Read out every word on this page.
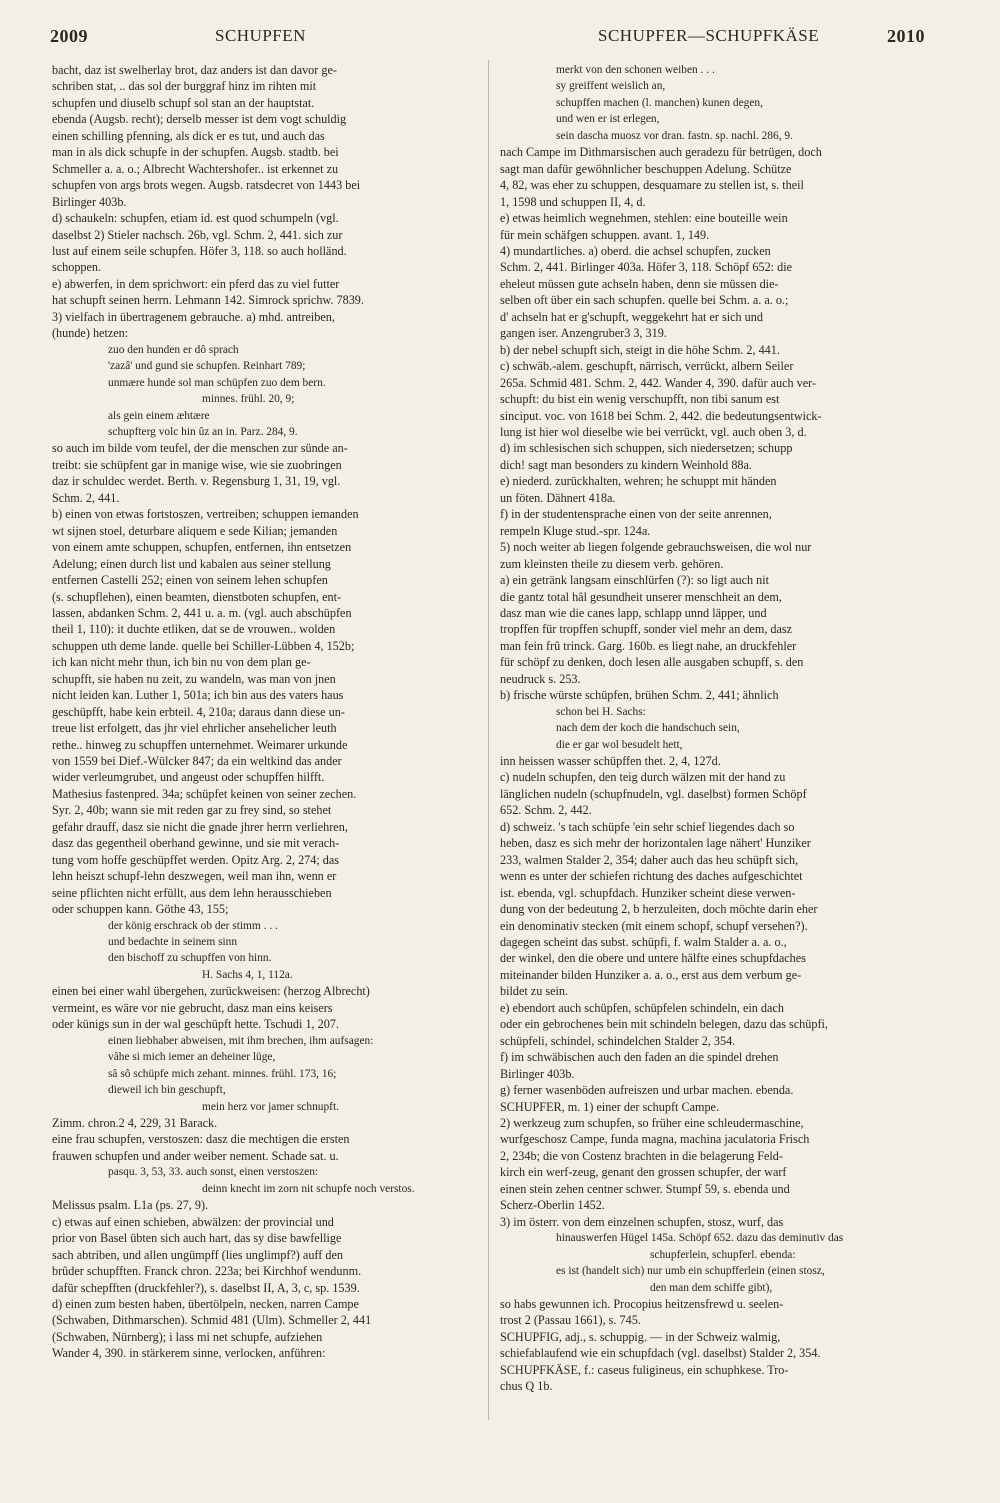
2009	SCHUPFEN	SCHUPFER—SCHUPFKÄSE	2010
bacht, daz ist swelherlay brot, daz anders ist dan davor ge-
schriben stat, .. das sol der burggraf hinz im rihten mit
schupfen und diuselb schupf sol stan an der hauptstat.
ebenda (Augsb. recht); derselb messer ist dem vogt schuldig
einen schilling pfenning, als dick er es tut, und auch das
man in als dick schupfe in der schupfen. Augsb. stadtb. bei
Schmeller a. a. o.; Albrecht Wachtershofer.. ist erkennet zu
schupfen von args brots wegen. Augsb. ratsdecret von 1443 bei
Birlinger 403b.
d) schaukeln: schupfen, etiam id. est quod schumpeln (vgl.
daselbst 2) Stieler nachsch. 26b, vgl. Schm. 2, 441. sich zur
lust auf einem seile schupfen. Höfer 3, 118. so auch holländ.
schoppen.
e) abwerfen, in dem sprichwort: ein pferd das zu viel futter
hat schupft seinen herrn. Lehmann 142. Simrock sprichw. 7839.
3) vielfach in übertragenem gebrauche. a) mhd. antreiben,
(hunde) hetzen:
zuo den hunden er dô sprach
'zazâ' und gund sie schupfen. Reinhart 789;
unmære hunde sol man schüpfen zuo dem bern.
minnes. frühl. 20, 9;
als gein einem æhtære
schupfterg volc hin ûz an in. Parz. 284, 9.
so auch im bilde vom teufel, der die menschen zur sünde an-
treibt: sie schüpfent gar in manige wise, wie sie zuobringen
daz ir schuldec werdet. Berth. v. Regensburg 1, 31, 19, vgl.
Schm. 2, 441.
b) einen von etwas fortstoszen, vertreiben; schuppen iemanden
wt sijnen stoel, deturbare aliquem e sede Kilian; jemanden
von einem amte schuppen, schupfen, entfernen, ihn entsetzen
Adelung; einen durch list und kabalen aus seiner stellung
entfernen Castelli 252; einen von seinem lehen schupfen
(s. schupflehen), einen beamten, dienstboten schupfen, ent-
lassen, abdanken Schm. 2, 441 u. a. m. (vgl. auch abschüpfen
theil 1, 110): it duchte etliken, dat se de vrouwen.. wolden
schuppen uth deme lande. quelle bei Schiller-Lübben 4, 152b;
ich kan nicht mehr thun, ich bin nu von dem plan ge-
schupfft, sie haben nu zeit, zu wandeln, was man von jnen
nicht leiden kan. Luther 1, 501a; ich bin aus des vaters haus
geschüpfft, habe kein erbteil. 4, 210a; daraus dann diese un-
treue list erfolgett, das jhr viel ehrlicher ansehelicher leuth
rethe.. hinweg zu schupffen unternehmet. Weimarer urkunde
von 1559 bei Dief.-Wülcker 847; da ein weltkind das ander
wider verleumgrubet, und angeust oder schupffen hilfft.
Mathesius fastenpred. 34a; schüpfet keinen von seiner zechen.
Syr. 2, 40b; wann sie mit reden gar zu frey sind, so stehet
gefahr drauff, dasz sie nicht die gnade jhrer herrn verliehren,
dasz das gegentheil oberhand gewinne, und sie mit verach-
tung vom hoffe geschüpffet werden. Opitz Arg. 2, 274; das
lehn heiszt schupf-lehn deszwegen, weil man ihn, wenn er
seine pflichten nicht erfüllt, aus dem lehn herausschieben
oder schuppen kann. Göthe 43, 155;
der könig erschrack ob der stimm . . .
und bedachte in seinem sinn
den bischoff zu schupffen von hinn.
H. Sachs 4, 1, 112a.
einen bei einer wahl übergehen, zurückweisen: (herzog Albrecht)
vermeint, es wäre vor nie gebrucht, dasz man eins keisers
oder künigs sun in der wal geschüpft hette. Tschudi 1, 207.
einen liebhaber abweisen, mit ihm brechen, ihm aufsagen:
vâhe si mich iemer an deheiner lüge,
sâ sô schüpfe mich zehant. minnes. frühl. 173, 16;
dieweil ich bin geschupft,
mein herz vor jamer schnupft.
Zimm. chron.2 4, 229, 31 Barack.
eine frau schupfen, verstoszen: dasz die mechtigen die ersten
frauwen schupfen und ander weiber nement. Schade sat. u.
pasqu. 3, 53, 33. auch sonst, einen verstoszen:
deinn knecht im zorn nit schupfe noch verstos.
Melissus psalm. L1a (ps. 27, 9).
c) etwas auf einen schieben, abwälzen: der provincial und
prior von Basel übten sich auch hart, das sy dise bawfellige
sach abtriben, und allen ungümpff (lies unglimpf?) auff den
brûder schupfften. Franck chron. 223a; bei Kirchhof wendunm.
dafür schepfften (druckfehler?), s. daselbst II, A, 3, c, sp. 1539.
d) einen zum besten haben, übertölpeln, necken, narren Campe
(Schwaben, Dithmarschen). Schmid 481 (Ulm). Schmeller 2, 441
(Schwaben, Nürnberg); i lass mi net schupfe, aufziehen
Wander 4, 390. in stärkerem sinne, verlocken, anführen:
merkt von den schonen weiben . . .
sy greiffent weislich an,
schupffen machen (l. manchen) kunen degen,
und wen er ist erlegen,
sein dascha muosz vor dran. fastn. sp. nachl. 286, 9.
nach Campe im Dithmarsischen auch geradezu für betrügen, doch
sagt man dafür gewöhnlicher beschuppen Adelung. Schütze
4, 82, was eher zu schuppen, desquamare zu stellen ist, s. theil
1, 1598 und schuppen II, 4, d.
e) etwas heimlich wegnehmen, stehlen: eine bouteille wein
für mein schäfgen schuppen. avant. 1, 149.
4) mundartliches. a) oberd. die achsel schupfen, zucken
Schm. 2, 441. Birlinger 403a. Höfer 3, 118. Schöpf 652: die
eheleut müssen gute achseln haben, denn sie müssen die-
selben oft über ein sach schupfen. quelle bei Schm. a. a. o.;
d' achseln hat er g'schupft, weggekehrt hat er sich und
gangen iser. Anzengruber3 3, 319.
b) der nebel schupft sich, steigt in die höhe Schm. 2, 441.
c) schwäb.-alem. geschupft, närrisch, verrückt, albern Seiler
265a. Schmid 481. Schm. 2, 442. Wander 4, 390. dafür auch ver-
schupft: du bist ein wenig verschupfft, non tibi sanum est
sinciput. voc. von 1618 bei Schm. 2, 442. die bedeutungsentwick-
lung ist hier wol dieselbe wie bei verrückt, vgl. auch oben 3, d.
d) im schlesischen sich schuppen, sich niedersetzen; schupp
dich! sagt man besonders zu kindern Weinhold 88a.
e) niederd. zurückhalten, wehren; he schuppt mit händen
un föten. Dähnert 418a.
f) in der studentensprache einen von der seite anrennen,
rempeln Kluge stud.-spr. 124a.
5) noch weiter ab liegen folgende gebrauchsweisen, die wol nur
zum kleinsten theile zu diesem verb. gehören.
a) ein getränk langsam einschlürfen (?): so ligt auch nit
die gantz total hâl gesundheit unserer menschheit an dem,
dasz man wie die canes lapp, schlapp unnd läpper, und
tropffen für tropffen schupff, sonder viel mehr an dem, dasz
man fein frû trinck. Garg. 160b. es liegt nahe, an druckfehler
für schöpf zu denken, doch lesen alle ausgaben schupff, s. den
neudruck s. 253.
b) frische würste schüpfen, brühen Schm. 2, 441; ähnlich
schon bei H. Sachs:
nach dem der koch die handschuch sein,
die er gar wol besudelt hett,
inn heissen wasser schüpffen thet. 2, 4, 127d.
c) nudeln schupfen, den teig durch wälzen mit der hand zu
länglichen nudeln (schupfnudeln, vgl. daselbst) formen Schöpf
652. Schm. 2, 442.
d) schweiz. 's tach schüpfe 'ein sehr schief liegendes dach so
heben, dasz es sich mehr der horizontalen lage nähert' Hunziker
233, walmen Stalder 2, 354; daher auch das heu schüpft sich,
wenn es unter der schiefen richtung des daches aufgeschichtet
ist. ebenda, vgl. schupfdach. Hunziker scheint diese verwen-
dung von der bedeutung 2, b herzuleiten, doch möchte darin eher
ein denominativ stecken (mit einem schopf, schupf versehen?).
dagegen scheint das subst. schüpfi, f. walm Stalder a. a. o.,
der winkel, den die obere und untere hälfte eines schupfdaches
miteinander bilden Hunziker a. a. o., erst aus dem verbum ge-
bildet zu sein.
e) ebendort auch schüpfen, schüpfelen schindeln, ein dach
oder ein gebrochenes bein mit schindeln belegen, dazu das schüpfi,
schüpfeli, schindel, schindelchen Stalder 2, 354.
f) im schwäbischen auch den faden an die spindel drehen
Birlinger 403b.
g) ferner wasenböden aufreiszen und urbar machen. ebenda.
SCHUPFER, m. 1) einer der schupft Campe.
2) werkzeug zum schupfen, so früher eine schleudermaschine,
wurfgeschosz Campe, funda magna, machina jaculatoria Frisch
2, 234b; die von Costenz brachten in die belagerung Feld-
kirch ein werf-zeug, genant den grossen schupfer, der warf
einen stein zehen centner schwer. Stumpf 59, s. ebenda und
Scherz-Oberlin 1452.
3) im österr. von dem einzelnen schupfen, stosz, wurf, das
hinauswerfen Hügel 145a. Schöpf 652. dazu das deminutiv das
schupferlein, schupferl. ebenda:
es ist (handelt sich) nur umb ein schupfferlein (einen stosz,
den man dem schiffe gibt),
so habs gewunnen ich. Procopius heitzensfrewd u. seelen-
trost 2 (Passau 1661), s. 745.
SCHUPFIG, adj., s. schuppig. — in der Schweiz walmig,
schiefablaufend wie ein schupfdach (vgl. daselbst) Stalder 2, 354.
SCHUPFKÄSE, f.: caseus fuligineus, ein schuphkese. Tro-
chus Q 1b.
